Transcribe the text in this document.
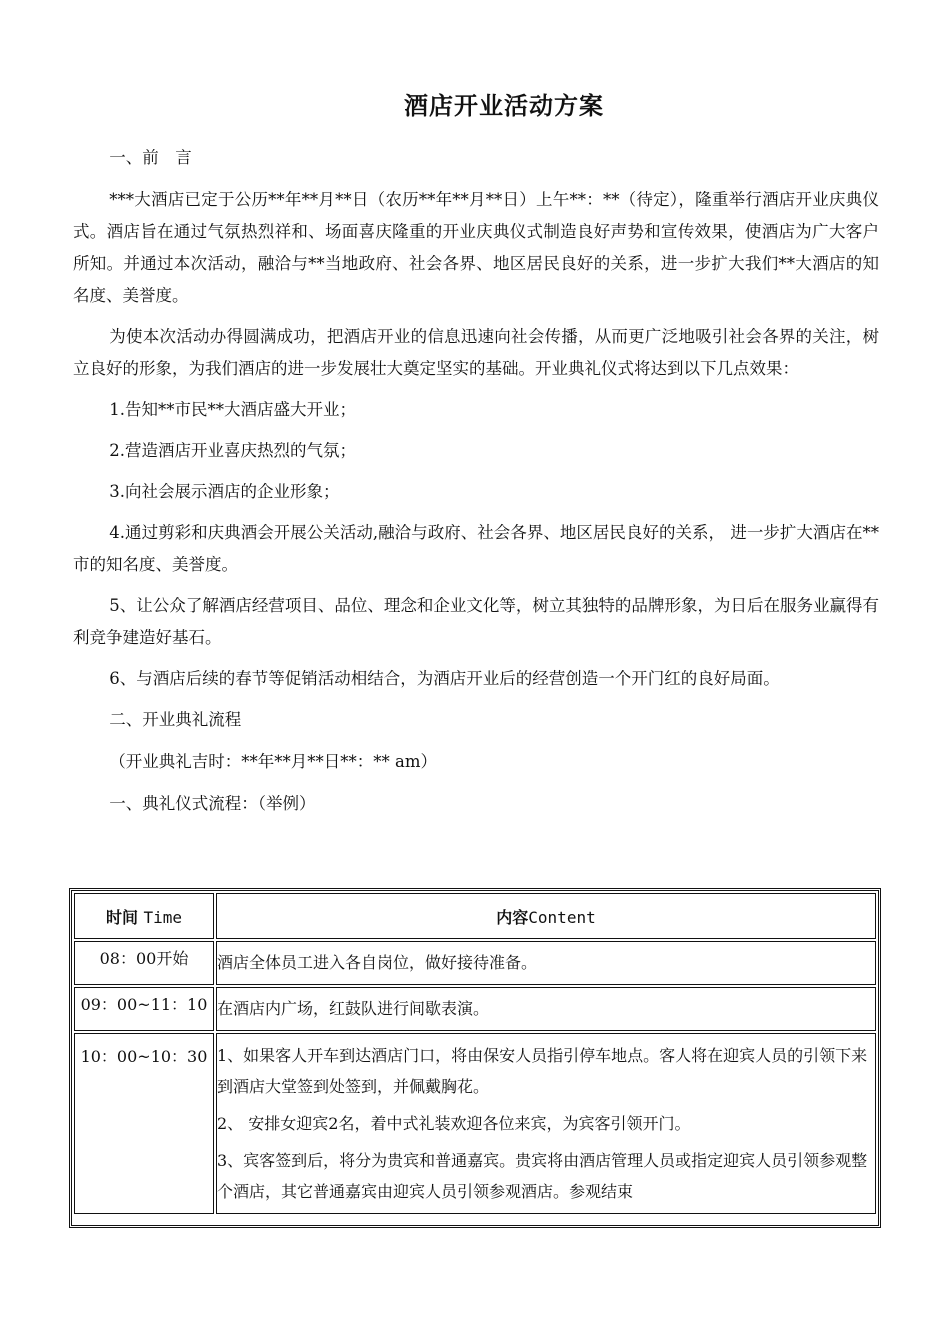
酒店开业活动方案

一、前　言

***大酒店已定于公历**年**月**日（农历**年**月**日）上午**：**（待定），隆重举行酒店开业庆典仪式。酒店旨在通过气氛热烈祥和、场面喜庆隆重的开业庆典仪式制造良好声势和宣传效果，使酒店为广大客户所知。并通过本次活动，融洽与**当地政府、社会各界、地区居民良好的关系，进一步扩大我们**大酒店的知名度、美誉度。

为使本次活动办得圆满成功，把酒店开业的信息迅速向社会传播，从而更广泛地吸引社会各界的关注，树立良好的形象，为我们酒店的进一步发展壮大奠定坚实的基础。开业典礼仪式将达到以下几点效果：

1.告知**市民**大酒店盛大开业；

2.营造酒店开业喜庆热烈的气氛；

3.向社会展示酒店的企业形象；

4.通过剪彩和庆典酒会开展公关活动,融洽与政府、社会各界、地区居民良好的关系， 进一步扩大酒店在**市的知名度、美誉度。

5、让公众了解酒店经营项目、品位、理念和企业文化等，树立其独特的品牌形象，为日后在服务业赢得有利竞争建造好基石。

6、与酒店后续的春节等促销活动相结合，为酒店开业后的经营创造一个开门红的良好局面。

二、开业典礼流程

（开业典礼吉时：**年**月**日**：** am）

一、典礼仪式流程：（举例）

时间 Time	内容Content
08：00开始	酒店全体员工进入各自岗位，做好接待准备。
09：00~11：10	在酒店内广场，红鼓队进行间歇表演。
10：00~10：30	1、如果客人开车到达酒店门口，将由保安人员指引停车地点。客人将在迎宾人员的引领下来到酒店大堂签到处签到，并佩戴胸花。

2、 安排女迎宾2名，着中式礼装欢迎各位来宾，为宾客引领开门。

3、宾客签到后，将分为贵宾和普通嘉宾。贵宾将由酒店管理人员或指定迎宾人员引领参观整个酒店，其它普通嘉宾由迎宾人员引领参观酒店。参观结束
